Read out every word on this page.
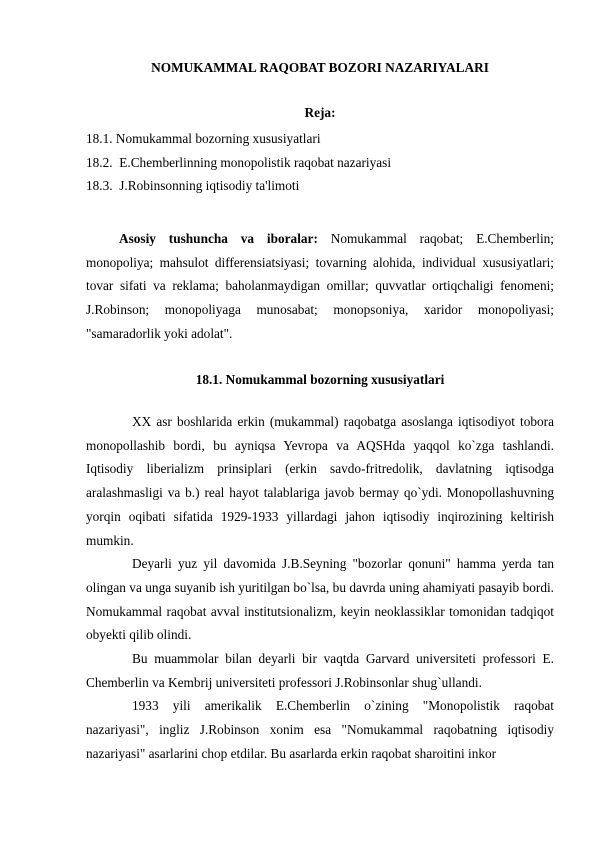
NOMUKAMMAL RAQOBAT BOZORI NAZARIYALARI
Reja:
18.1. Nomukammal bozorning xususiyatlari
18.2.  E.Chemberlinning monopolistik raqobat nazariyasi
18.3.  J.Robinsonning iqtisodiy ta'limoti
Asosiy tushuncha va iboralar: Nomukammal raqobat; E.Chemberlin; monopoliya; mahsulot differensiatsiyasi; tovarning alohida, individual xususiyatlari; tovar sifati va reklama; baholanmaydigan omillar; quvvatlar ortiqchaligi fenomeni; J.Robinson; monopoliyaga munosabat; monopsoniya, xaridor monopoliyasi; "samaradorlik yoki adolat".
18.1. Nomukammal bozorning xususiyatlari

XX asr boshlarida erkin (mukammal) raqobatga asoslanga iqtisodiyot tobora monopollashib bordi, bu ayniqsa Yevropa va AQSHda yaqqol ko`zga tashlandi. Iqtisodiy liberializm prinsiplari (erkin savdo-fritredolik, davlatning iqtisodga aralashmasligi va b.) real hayot talablariga javob bermay qo`ydi. Monopollashuvning yorqin oqibati sifatida 1929-1933 yillardagi jahon iqtisodiy inqirozining keltirish mumkin.

Deyarli yuz yil davomida J.B.Seyning "bozorlar qonuni" hamma yerda tan olingan va unga suyanib ish yuritilgan bo`lsa, bu davrda uning ahamiyati pasayib bordi. Nomukammal raqobat avval institutsionalizm, keyin neoklassiklar tomonidan tadqiqot obyekti qilib olindi.

Bu muammolar bilan deyarli bir vaqtda Garvard universiteti professori E. Chemberlin va Kembrij universiteti professori J.Robinsonlar shug`ullandi.

1933 yili amerikalik E.Chemberlin o`zining "Monopolistik raqobat nazariyasi", ingliz J.Robinson xonim esa "Nomukammal raqobatning iqtisodiy nazariyasi" asarlarini chop etdilar. Bu asarlarda erkin raqobat sharoitini inkor
